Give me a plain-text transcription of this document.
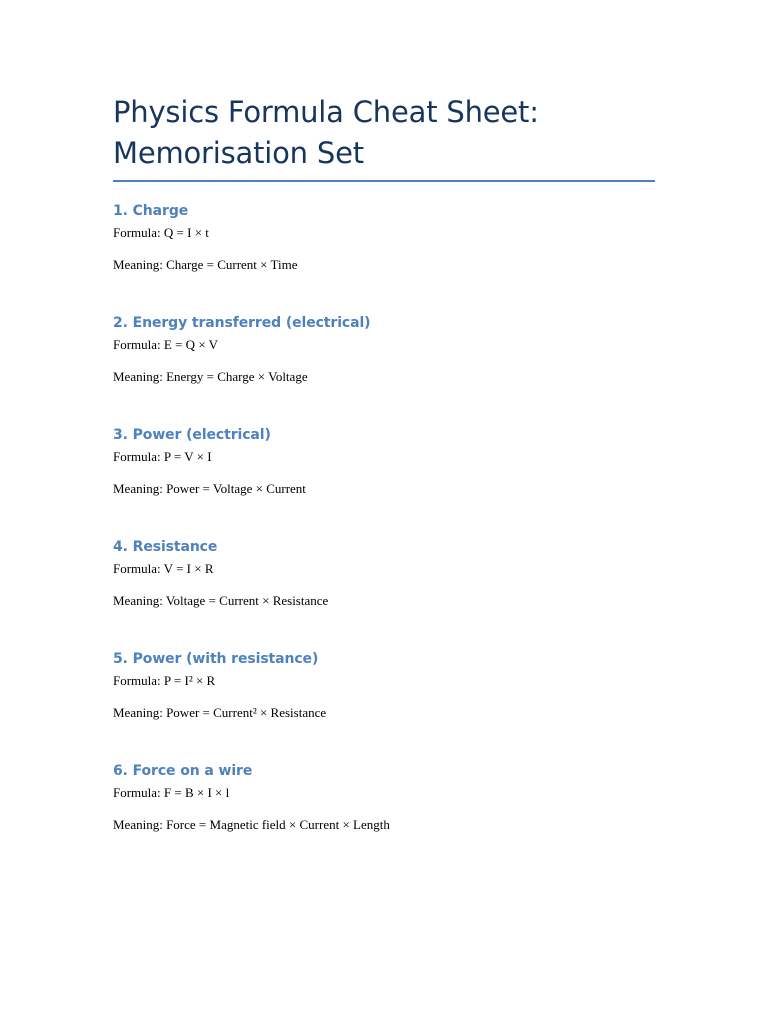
Physics Formula Cheat Sheet:
Memorisation Set
1. Charge

Formula: Q = I × t

Meaning: Charge = Current × Time

2. Energy transferred (electrical)

Formula: E = Q × V

Meaning: Energy = Charge × Voltage

3. Power (electrical)

Formula: P = V × I

Meaning: Power = Voltage × Current

4. Resistance

Formula: V = I × R

Meaning: Voltage = Current × Resistance

5. Power (with resistance)

Formula: P = I² × R

Meaning: Power = Current² × Resistance

6. Force on a wire

Formula: F = B × I × l

Meaning: Force = Magnetic field × Current × Length
